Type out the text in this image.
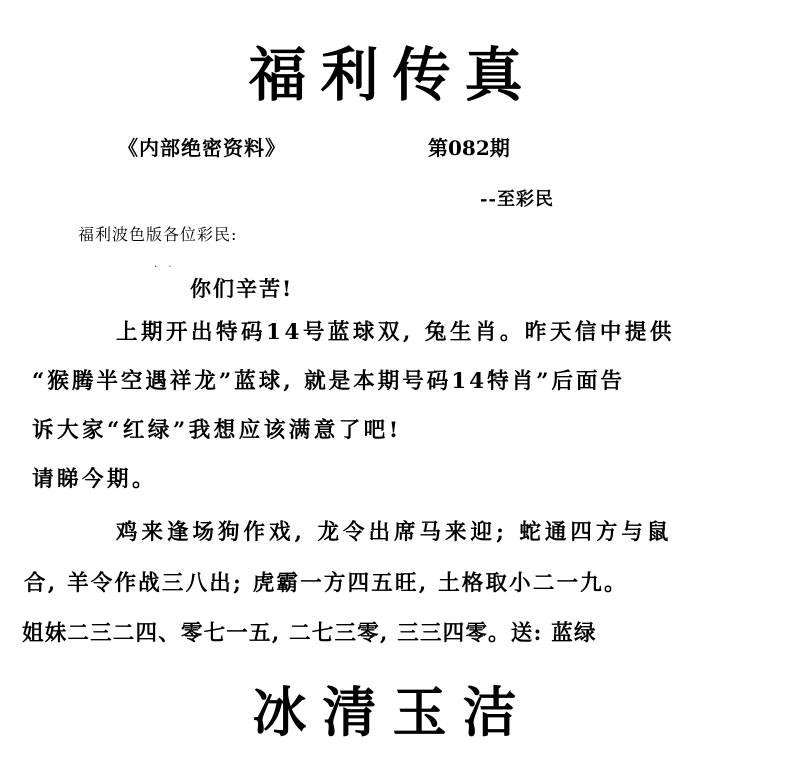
福利传真
《内部绝密资料》	第082期
--至彩民
福利波色版各位彩民:
· ·
你们辛苦!
上期开出特码14号蓝球双, 兔生肖。昨天信中提供
“猴腾半空遇祥龙”蓝球, 就是本期号码14特肖”后面告
诉大家“红绿”我想应该满意了吧!
请睇今期。
鸡来逢场狗作戏, 龙令出席马来迎; 蛇通四方与鼠
合, 羊令作战三八出; 虎霸一方四五旺, 土格取小二一九。
姐妹二三二四、零七一五, 二七三零, 三三四零。送: 蓝绿
冰清玉洁
